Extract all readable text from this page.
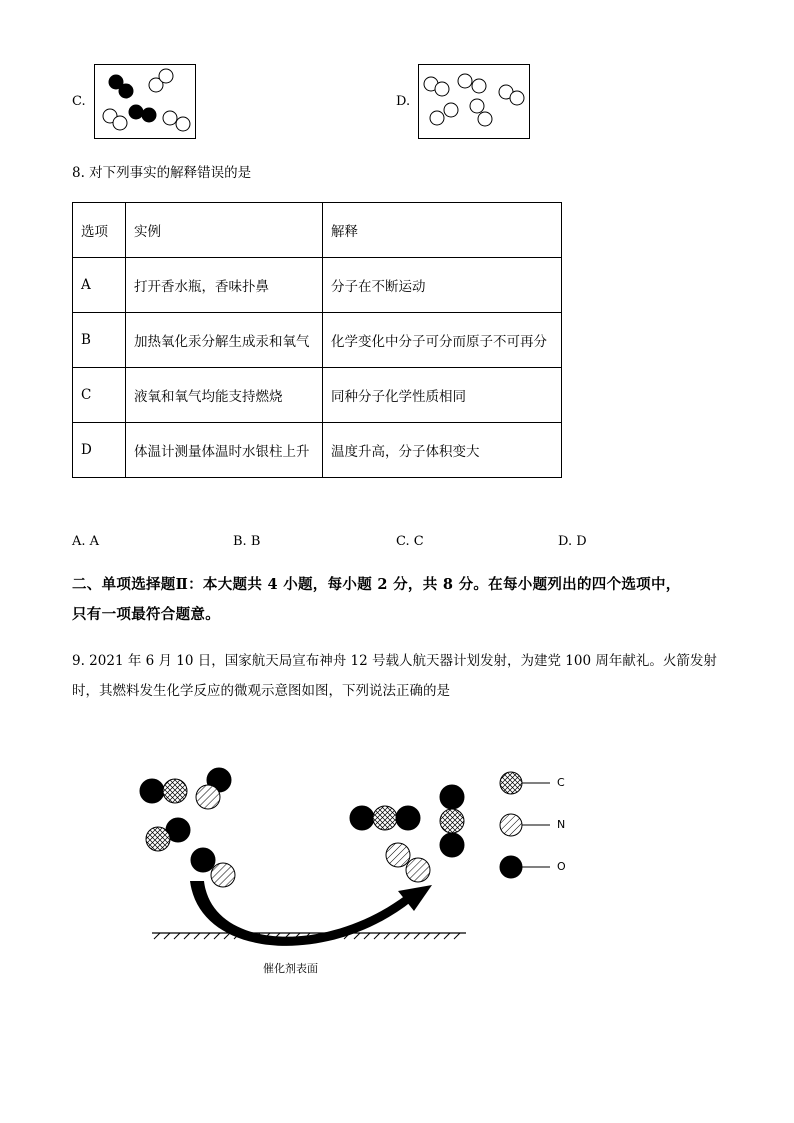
C.	D.
8. 对下列事实的解释错误的是
选项	实例	解释
A	打开香水瓶，香味扑鼻	分子在不断运动
B	加热氧化汞分解生成汞和氧气	化学变化中分子可分而原子不可再分
C	液氧和氧气均能支持燃烧	同种分子化学性质相同
D	体温计测量体温时水银柱上升	温度升高，分子体积变大
A. A	B. B	C. C	D. D
二、单项选择题Ⅱ：本大题共 4 小题，每小题 2 分，共 8 分。在每小题列出的四个选项中，
只有一项最符合题意。
9. 2021 年 6 月 10 日，国家航天局宣布神舟 12 号载人航天器计划发射，为建党 100 周年献礼。火箭发射
时，其燃料发生化学反应的微观示意图如图，下列说法正确的是
C
N
O
催化剂表面
